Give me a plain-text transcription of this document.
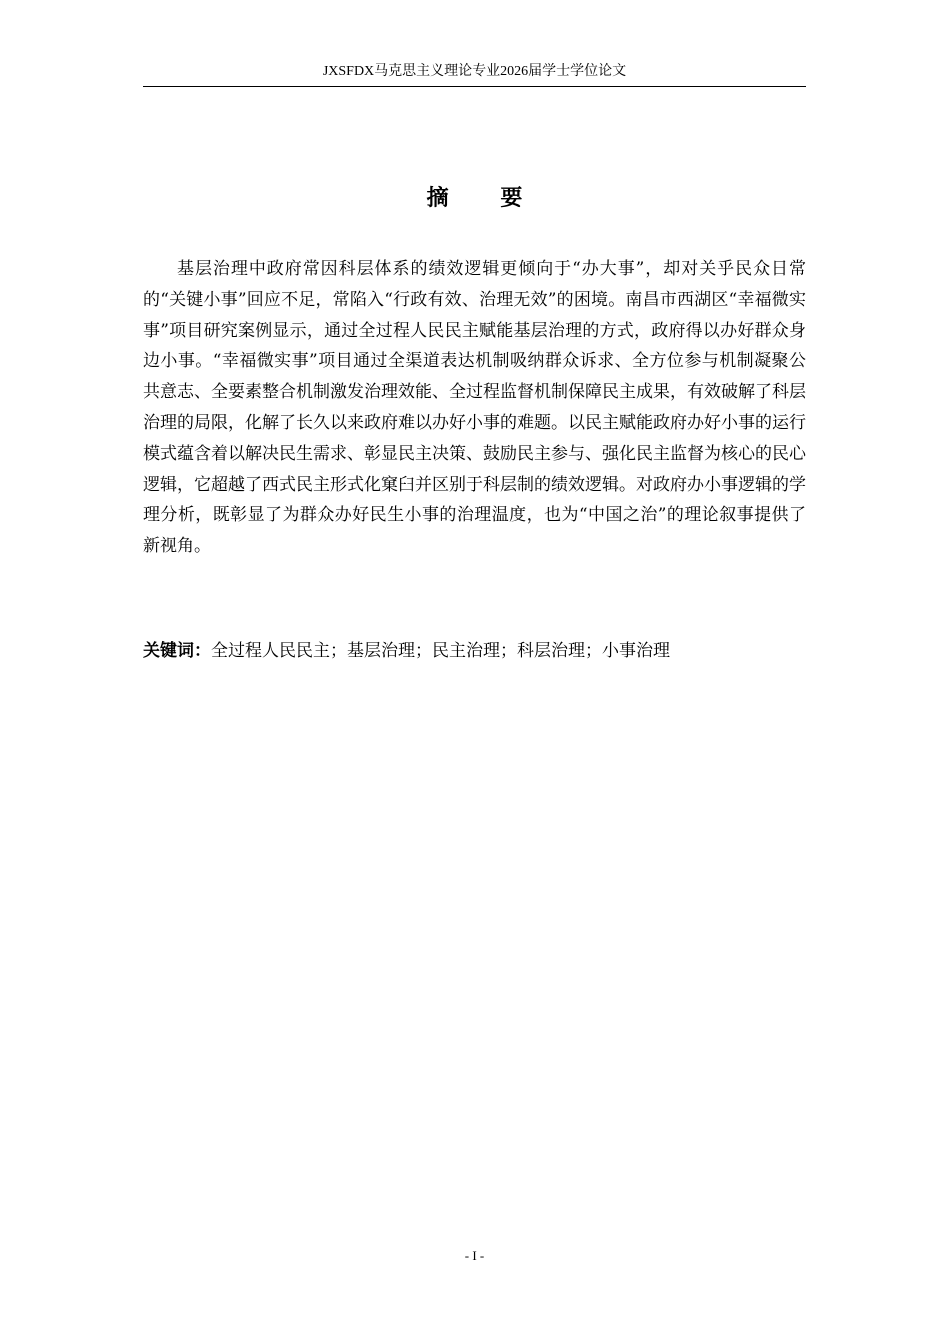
JXSFDX马克思主义理论专业2026届学士学位论文
摘 要

基层治理中政府常因科层体系的绩效逻辑更倾向于“办大事”，却对关乎民众日常的“关键小事”回应不足，常陷入“行政有效、治理无效”的困境。南昌市西湖区“幸福微实事”项目研究案例显示，通过全过程人民民主赋能基层治理的方式，政府得以办好群众身边小事。“幸福微实事”项目通过全渠道表达机制吸纳群众诉求、全方位参与机制凝聚公共意志、全要素整合机制激发治理效能、全过程监督机制保障民主成果，有效破解了科层治理的局限，化解了长久以来政府难以办好小事的难题。以民主赋能政府办好小事的运行模式蕴含着以解决民生需求、彰显民主决策、鼓励民主参与、强化民主监督为核心的民心逻辑，它超越了西式民主形式化窠臼并区别于科层制的绩效逻辑。对政府办小事逻辑的学理分析，既彰显了为群众办好民生小事的治理温度，也为“中国之治”的理论叙事提供了新视角。

关键词：全过程人民民主；基层治理；民主治理；科层治理；小事治理

- I -
